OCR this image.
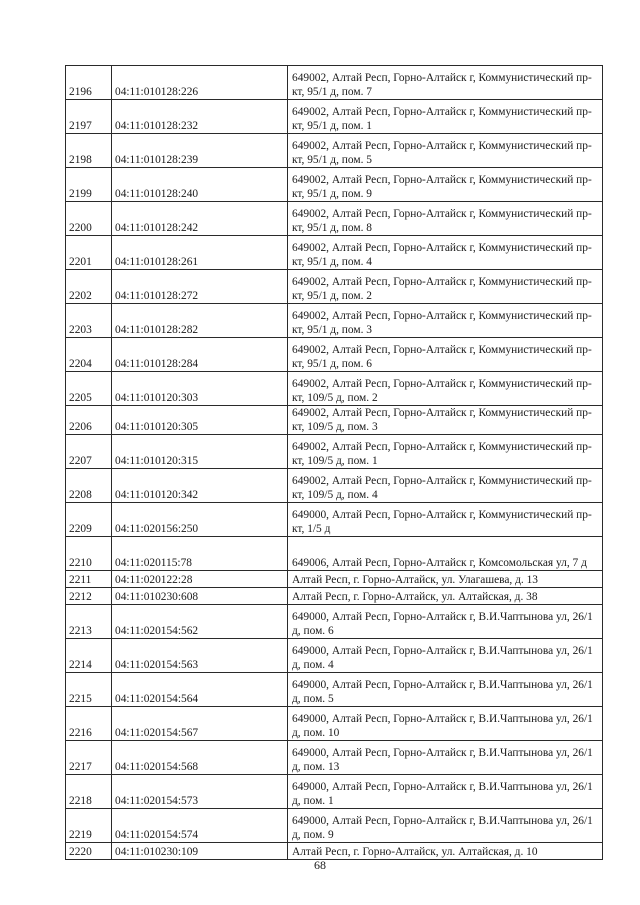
2196	04:11:010128:226	649002, Алтай Респ, Горно-Алтайск г, Коммунистический пр-кт, 95/1 д, пом. 7
2197	04:11:010128:232	649002, Алтай Респ, Горно-Алтайск г, Коммунистический пр-кт, 95/1 д, пом. 1
2198	04:11:010128:239	649002, Алтай Респ, Горно-Алтайск г, Коммунистический пр-кт, 95/1 д, пом. 5
2199	04:11:010128:240	649002, Алтай Респ, Горно-Алтайск г, Коммунистический пр-кт, 95/1 д, пом. 9
2200	04:11:010128:242	649002, Алтай Респ, Горно-Алтайск г, Коммунистический пр-кт, 95/1 д, пом. 8
2201	04:11:010128:261	649002, Алтай Респ, Горно-Алтайск г, Коммунистический пр-кт, 95/1 д, пом. 4
2202	04:11:010128:272	649002, Алтай Респ, Горно-Алтайск г, Коммунистический пр-кт, 95/1 д, пом. 2
2203	04:11:010128:282	649002, Алтай Респ, Горно-Алтайск г, Коммунистический пр-кт, 95/1 д, пом. 3
2204	04:11:010128:284	649002, Алтай Респ, Горно-Алтайск г, Коммунистический пр-кт, 95/1 д, пом. 6
2205	04:11:010120:303	649002, Алтай Респ, Горно-Алтайск г, Коммунистический пр-кт, 109/5 д, пом. 2
2206	04:11:010120:305	649002, Алтай Респ, Горно-Алтайск г, Коммунистический пр-кт, 109/5 д, пом. 3
2207	04:11:010120:315	649002, Алтай Респ, Горно-Алтайск г, Коммунистический пр-кт, 109/5 д, пом. 1
2208	04:11:010120:342	649002, Алтай Респ, Горно-Алтайск г, Коммунистический пр-кт, 109/5 д, пом. 4
2209	04:11:020156:250	649000, Алтай Респ, Горно-Алтайск г, Коммунистический пр-кт, 1/5 д
2210	04:11:020115:78	649006, Алтай Респ, Горно-Алтайск г, Комсомольская ул, 7 д
2211	04:11:020122:28	Алтай Респ, г. Горно-Алтайск, ул. Улагашева, д. 13
2212	04:11:010230:608	Алтай Респ, г. Горно-Алтайск, ул. Алтайская, д. 38
2213	04:11:020154:562	649000, Алтай Респ, Горно-Алтайск г, В.И.Чаптынова ул, 26/1 д, пом. 6
2214	04:11:020154:563	649000, Алтай Респ, Горно-Алтайск г, В.И.Чаптынова ул, 26/1 д, пом. 4
2215	04:11:020154:564	649000, Алтай Респ, Горно-Алтайск г, В.И.Чаптынова ул, 26/1 д, пом. 5
2216	04:11:020154:567	649000, Алтай Респ, Горно-Алтайск г, В.И.Чаптынова ул, 26/1 д, пом. 10
2217	04:11:020154:568	649000, Алтай Респ, Горно-Алтайск г, В.И.Чаптынова ул, 26/1 д, пом. 13
2218	04:11:020154:573	649000, Алтай Респ, Горно-Алтайск г, В.И.Чаптынова ул, 26/1 д, пом. 1
2219	04:11:020154:574	649000, Алтай Респ, Горно-Алтайск г, В.И.Чаптынова ул, 26/1 д, пом. 9
2220	04:11:010230:109	Алтай Респ, г. Горно-Алтайск, ул. Алтайская, д. 10
68
